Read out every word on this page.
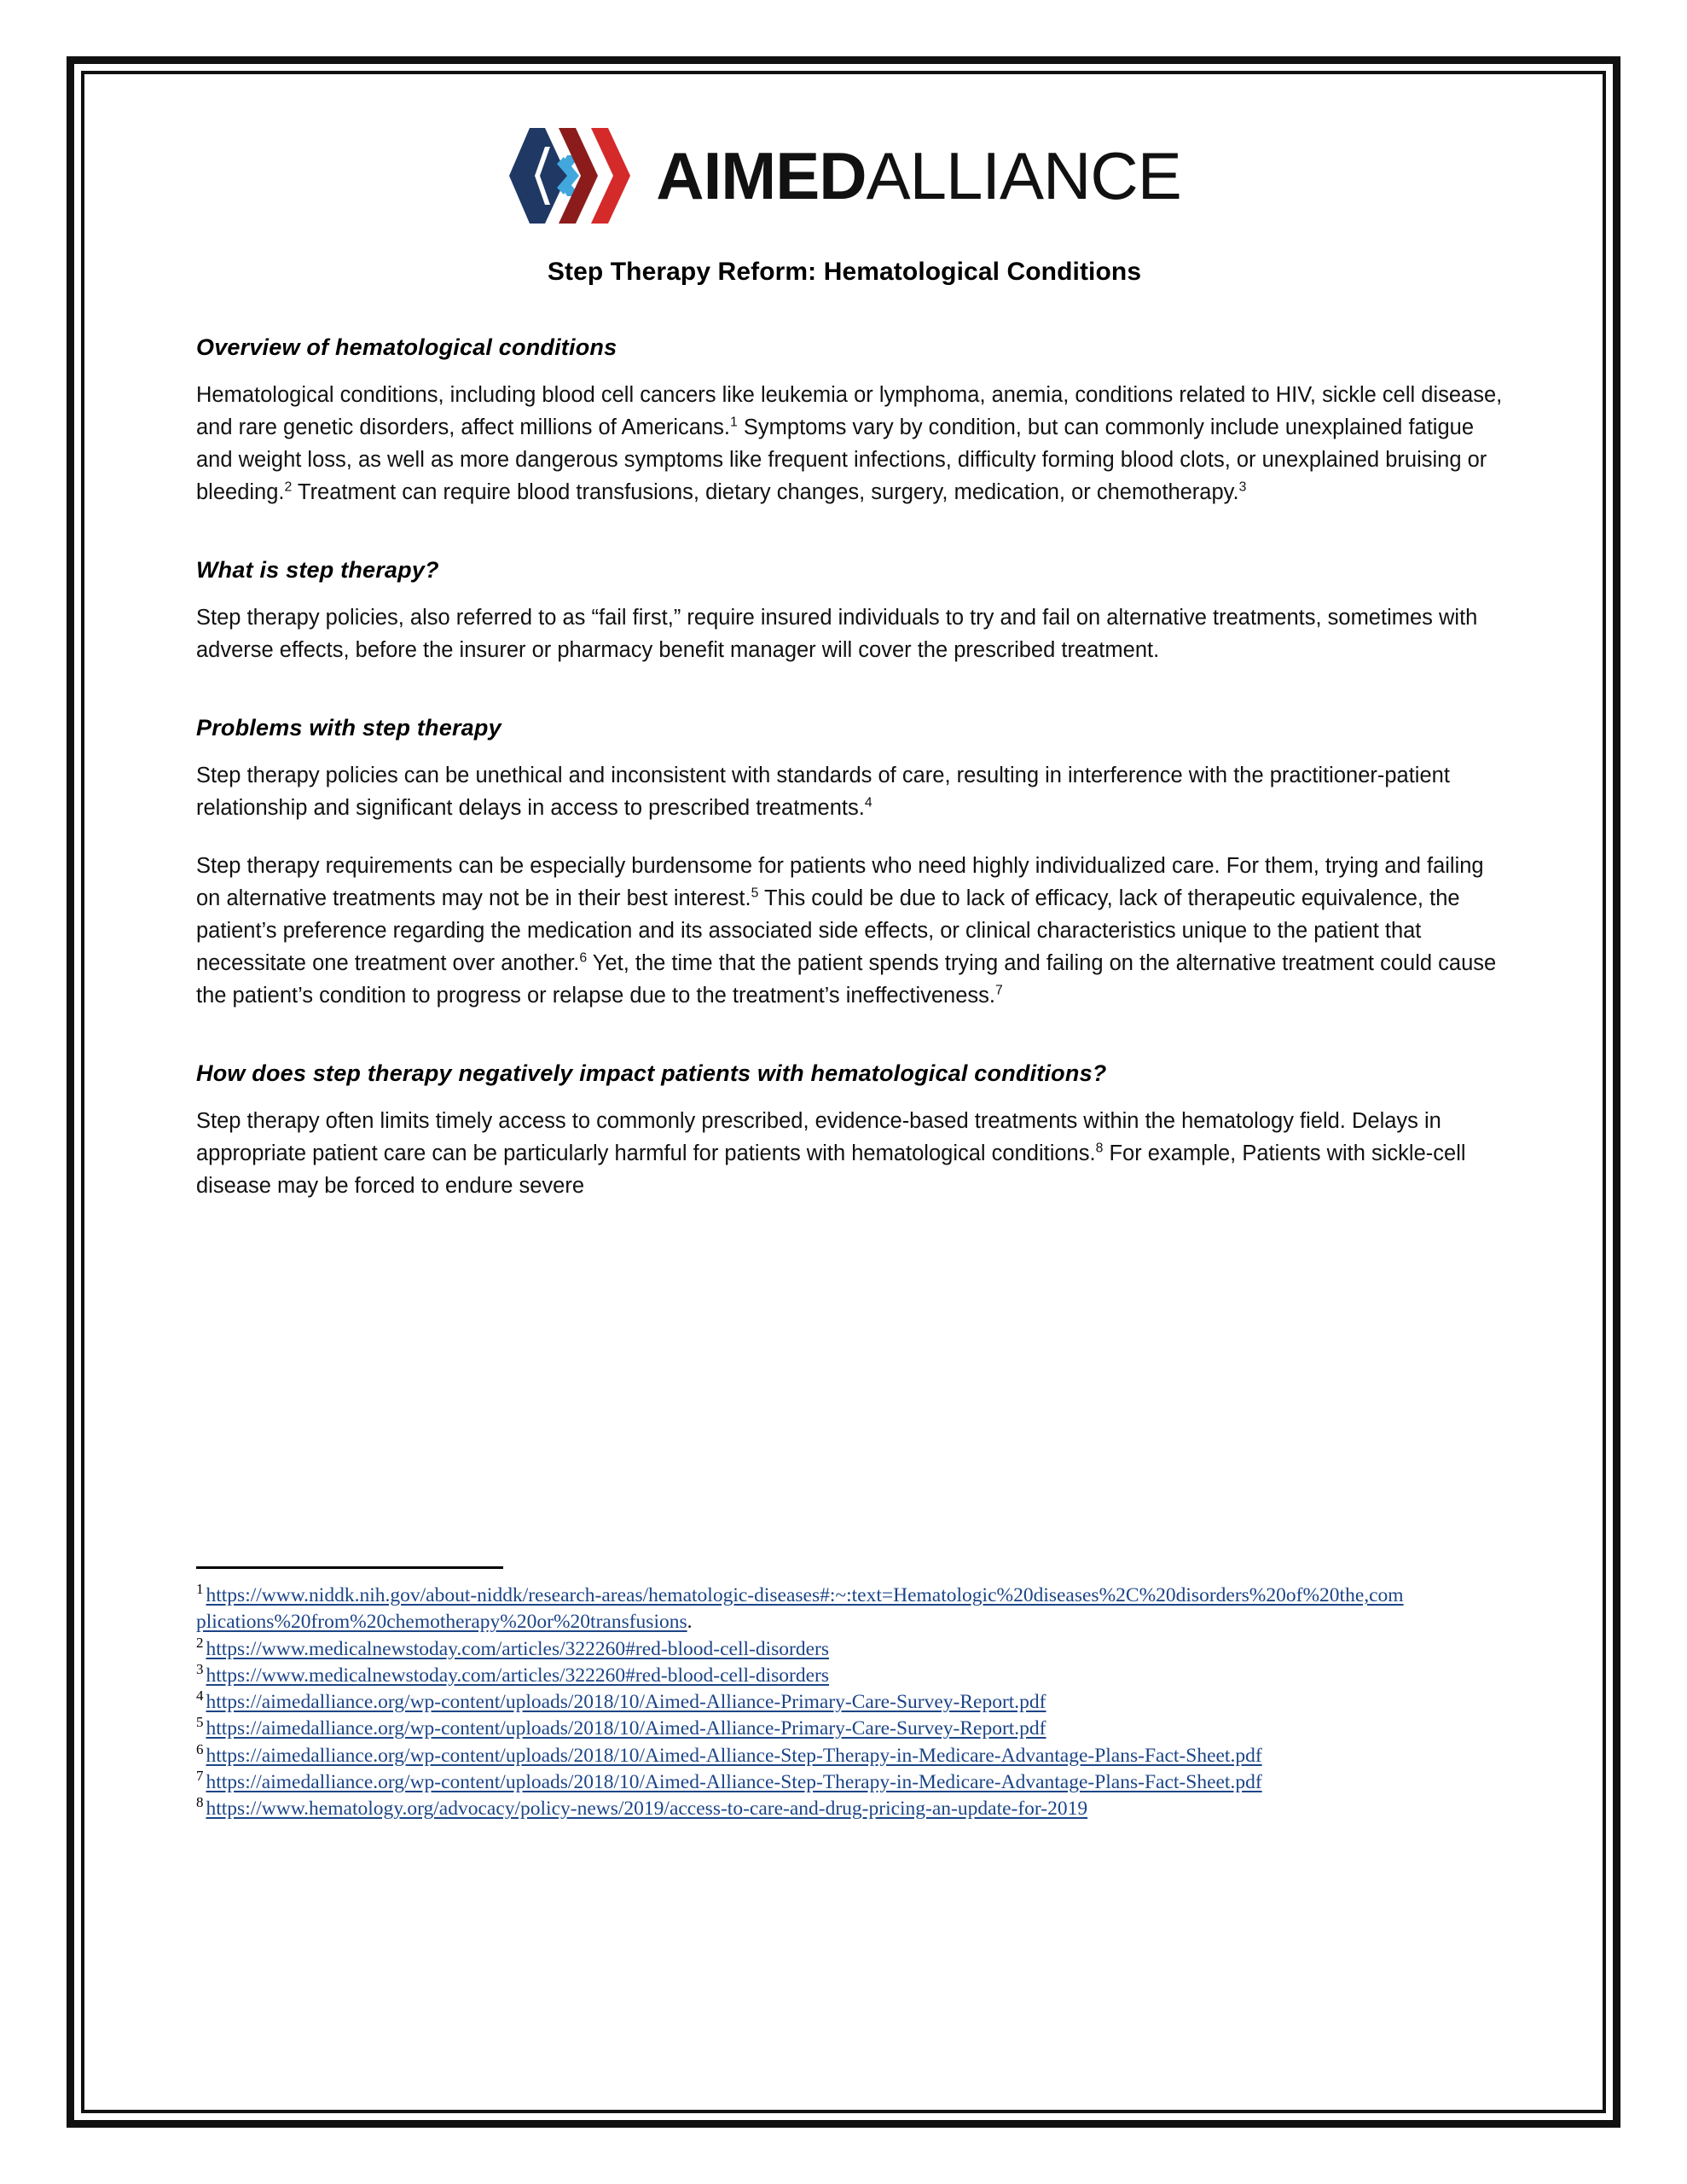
AIMEDALLIANCE
Step Therapy Reform: Hematological Conditions
Overview of hematological conditions

Hematological conditions, including blood cell cancers like leukemia or lymphoma, anemia, conditions related to HIV, sickle cell disease, and rare genetic disorders, affect millions of Americans.$^1$ Symptoms vary by condition, but can commonly include unexplained fatigue and weight loss, as well as more dangerous symptoms like frequent infections, difficulty forming blood clots, or unexplained bruising or bleeding.$^2$ Treatment can require blood transfusions, dietary changes, surgery, medication, or chemotherapy.$^3$

What is step therapy?

Step therapy policies, also referred to as “fail first,” require insured individuals to try and fail on alternative treatments, sometimes with adverse effects, before the insurer or pharmacy benefit manager will cover the prescribed treatment.

Problems with step therapy

Step therapy policies can be unethical and inconsistent with standards of care, resulting in interference with the practitioner-patient relationship and significant delays in access to prescribed treatments.$^4$

Step therapy requirements can be especially burdensome for patients who need highly individualized care. For them, trying and failing on alternative treatments may not be in their best interest.$^5$ This could be due to lack of efficacy, lack of therapeutic equivalence, the patient’s preference regarding the medication and its associated side effects, or clinical characteristics unique to the patient that necessitate one treatment over another.$^6$ Yet, the time that the patient spends trying and failing on the alternative treatment could cause the patient’s condition to progress or relapse due to the treatment’s ineffectiveness.$^7$

How does step therapy negatively impact patients with hematological conditions?

Step therapy often limits timely access to commonly prescribed, evidence-based treatments within the hematology field. Delays in appropriate patient care can be particularly harmful for patients with hematological conditions.$^8$ For example, Patients with sickle-cell disease may be forced to endure severe

$^1$ https://www.niddk.nih.gov/about-niddk/research-areas/hematologic-diseases#:~:text=Hematologic%20diseases%2C%20disorders%20of%20the,complications%20from%20chemotherapy%20or%20transfusions.
$^2$ https://www.medicalnewstoday.com/articles/322260#red-blood-cell-disorders
$^3$ https://www.medicalnewstoday.com/articles/322260#red-blood-cell-disorders
$^4$ https://aimedalliance.org/wp-content/uploads/2018/10/Aimed-Alliance-Primary-Care-Survey-Report.pdf
$^5$ https://aimedalliance.org/wp-content/uploads/2018/10/Aimed-Alliance-Primary-Care-Survey-Report.pdf
$^6$ https://aimedalliance.org/wp-content/uploads/2018/10/Aimed-Alliance-Step-Therapy-in-Medicare-Advantage-Plans-Fact-Sheet.pdf
$^7$ https://aimedalliance.org/wp-content/uploads/2018/10/Aimed-Alliance-Step-Therapy-in-Medicare-Advantage-Plans-Fact-Sheet.pdf
$^8$ https://www.hematology.org/advocacy/policy-news/2019/access-to-care-and-drug-pricing-an-update-for-2019
